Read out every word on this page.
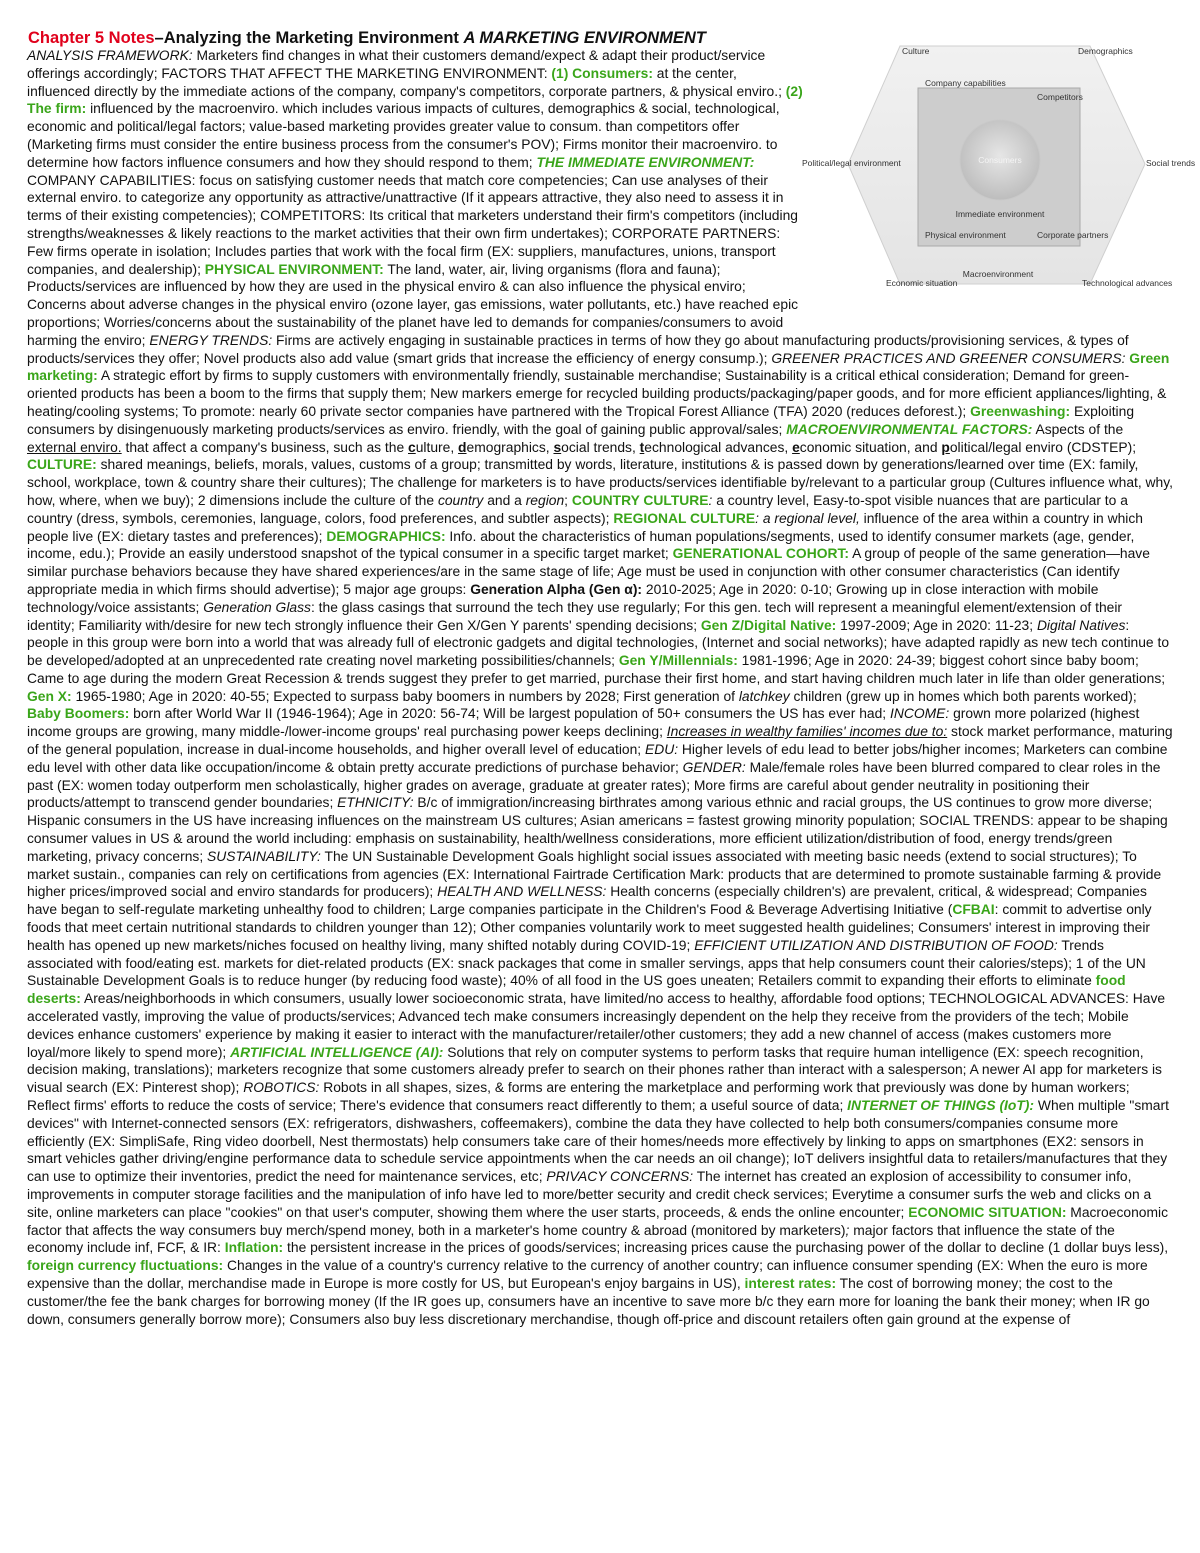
Chapter 5 Notes–Analyzing the Marketing Environment A MARKETING ENVIRONMENT
ANALYSIS FRAMEWORK: Marketers find changes in what their customers demand/expect & adapt their product/service offerings accordingly; FACTORS THAT AFFECT THE MARKETING ENVIRONMENT: (1) Consumers: at the center, influenced directly by the immediate actions of the company, company's competitors, corporate partners, & physical enviro.; (2) The firm: influenced by the macroenviro. which includes various impacts of cultures, demographics & social, technological, economic and political/legal factors; value-based marketing provides greater value to consum. than competitors offer (Marketing firms must consider the entire business process from the consumer's POV); Firms monitor their macroenviro. to determine how factors influence consumers and how they should respond to them; THE IMMEDIATE ENVIRONMENT: COMPANY CAPABILITIES: focus on satisfying customer needs that match core competencies; Can use analyses of their external enviro. to categorize any opportunity as attractive/unattractive (If it appears attractive, they also need to assess it in terms of their existing competencies); COMPETITORS: Its critical that marketers understand their firm's competitors (including strengths/weaknesses & likely reactions to the market activities that their own firm undertakes); CORPORATE PARTNERS: Few firms operate in isolation; Includes parties that work with the focal firm (EX: suppliers, manufactures, unions, transport companies, and dealership); PHYSICAL ENVIRONMENT: The land, water, air, living organisms (flora and fauna); Products/services are influenced by how they are used in the physical enviro & can also influence the physical enviro; Concerns about adverse changes in the physical enviro (ozone layer, gas emissions, water pollutants, etc.) have reached epic proportions; Worries/concerns about the sustainability of the planet have led to demands for companies/consumers to avoid harming the enviro; ENERGY TRENDS: Firms are actively engaging in sustainable practices in terms of how they go about manufacturing products/provisioning services, & types of products/services they offer; Novel products also add value (smart grids that increase the efficiency of energy consump.); GREENER PRACTICES AND GREENER CONSUMERS: Green marketing: A strategic effort by firms to supply customers with environmentally friendly, sustainable merchandise; Sustainability is a critical ethical consideration; Demand for green-oriented products has been a boom to the firms that supply them; New markers emerge for recycled building products/packaging/paper goods, and for more efficient appliances/lighting, & heating/cooling systems; To promote: nearly 60 private sector companies have partnered with the Tropical Forest Alliance (TFA) 2020 (reduces deforest.); Greenwashing: Exploiting consumers by disingenuously marketing products/services as enviro. friendly, with the goal of gaining public approval/sales; MACROENVIRONMENTAL FACTORS: Aspects of the external enviro. that affect a company's business, such as the culture, demographics, social trends, technological advances, economic situation, and political/legal enviro (CDSTEP); CULTURE: shared meanings, beliefs, morals, values, customs of a group; transmitted by words, literature, institutions & is passed down by generations/learned over time (EX: family, school, workplace, town & country share their cultures); The challenge for marketers is to have products/services identifiable by/relevant to a particular group (Cultures influence what, why, how, where, when we buy); 2 dimensions include the culture of the country and a region; COUNTRY CULTURE: a country level, Easy-to-spot visible nuances that are particular to a country (dress, symbols, ceremonies, language, colors, food preferences, and subtler aspects); REGIONAL CULTURE: a regional level, influence of the area within a country in which people live (EX: dietary tastes and preferences); DEMOGRAPHICS: Info. about the characteristics of human populations/segments, used to identify consumer markets (age, gender, income, edu.); Provide an easily understood snapshot of the typical consumer in a specific target market; GENERATIONAL COHORT: A group of people of the same generation—have similar purchase behaviors because they have shared experiences/are in the same stage of life; Age must be used in conjunction with other consumer characteristics (Can identify appropriate media in which firms should advertise); 5 major age groups: Generation Alpha (Gen α): 2010-2025; Age in 2020: 0-10; Growing up in close interaction with mobile technology/voice assistants; Generation Glass: the glass casings that surround the tech they use regularly; For this gen. tech will represent a meaningful element/extension of their identity; Familiarity with/desire for new tech strongly influence their Gen X/Gen Y parents' spending decisions; Gen Z/Digital Native: 1997-2009; Age in 2020: 11-23; Digital Natives: people in this group were born into a world that was already full of electronic gadgets and digital technologies, (Internet and social networks); have adapted rapidly as new tech continue to be developed/adopted at an unprecedented rate creating novel marketing possibilities/channels; Gen Y/Millennials: 1981-1996; Age in 2020: 24-39; biggest cohort since baby boom; Came to age during the modern Great Recession & trends suggest they prefer to get married, purchase their first home, and start having children much later in life than older generations; Gen X: 1965-1980; Age in 2020: 40-55; Expected to surpass baby boomers in numbers by 2028; First generation of latchkey children (grew up in homes which both parents worked); Baby Boomers: born after World War II (1946-1964); Age in 2020: 56-74; Will be largest population of 50+ consumers the US has ever had; INCOME: grown more polarized (highest income groups are growing, many middle-/lower-income groups' real purchasing power keeps declining; Increases in wealthy families' incomes due to: stock market performance, maturing of the general population, increase in dual-income households, and higher overall level of education; EDU: Higher levels of edu lead to better jobs/higher incomes; Marketers can combine edu level with other data like occupation/income & obtain pretty accurate predictions of purchase behavior; GENDER: Male/female roles have been blurred compared to clear roles in the past (EX: women today outperform men scholastically, higher grades on average, graduate at greater rates); More firms are careful about gender neutrality in positioning their products/attempt to transcend gender boundaries; ETHNICITY: B/c of immigration/increasing birthrates among various ethnic and racial groups, the US continues to grow more diverse; Hispanic consumers in the US have increasing influences on the mainstream US cultures; Asian americans = fastest growing minority population; SOCIAL TRENDS: appear to be shaping consumer values in US & around the world including: emphasis on sustainability, health/wellness considerations, more efficient utilization/distribution of food, energy trends/green marketing, privacy concerns; SUSTAINABILITY: The UN Sustainable Development Goals highlight social issues associated with meeting basic needs (extend to social structures); To market sustain., companies can rely on certifications from agencies (EX: International Fairtrade Certification Mark: products that are determined to promote sustainable farming & provide higher prices/improved social and enviro standards for producers); HEALTH AND WELLNESS: Health concerns (especially children's) are prevalent, critical, & widespread; Companies have began to self-regulate marketing unhealthy food to children; Large companies participate in the Children's Food & Beverage Advertising Initiative (CFBAI: commit to advertise only foods that meet certain nutritional standards to children younger than 12); Other companies voluntarily work to meet suggested health guidelines; Consumers' interest in improving their health has opened up new markets/niches focused on healthy living, many shifted notably during COVID-19; EFFICIENT UTILIZATION AND DISTRIBUTION OF FOOD: Trends associated with food/eating est. markets for diet-related products (EX: snack packages that come in smaller servings, apps that help consumers count their calories/steps); 1 of the UN Sustainable Development Goals is to reduce hunger (by reducing food waste); 40% of all food in the US goes uneaten; Retailers commit to expanding their efforts to eliminate food deserts: Areas/neighborhoods in which consumers, usually lower socioeconomic strata, have limited/no access to healthy, affordable food options; TECHNOLOGICAL ADVANCES: Have accelerated vastly, improving the value of products/services; Advanced tech make consumers increasingly dependent on the help they receive from the providers of the tech; Mobile devices enhance customers' experience by making it easier to interact with the manufacturer/retailer/other customers; they add a new channel of access (makes customers more loyal/more likely to spend more); ARTIFICIAL INTELLIGENCE (AI): Solutions that rely on computer systems to perform tasks that require human intelligence (EX: speech recognition, decision making, translations); marketers recognize that some customers already prefer to search on their phones rather than interact with a salesperson; A newer AI app for marketers is visual search (EX: Pinterest shop); ROBOTICS: Robots in all shapes, sizes, & forms are entering the marketplace and performing work that previously was done by human workers; Reflect firms' efforts to reduce the costs of service; There's evidence that consumers react differently to them; a useful source of data; INTERNET OF THINGS (IoT): When multiple "smart devices" with Internet-connected sensors (EX: refrigerators, dishwashers, coffeemakers), combine the data they have collected to help both consumers/companies consume more efficiently (EX: SimpliSafe, Ring video doorbell, Nest thermostats) help consumers take care of their homes/needs more effectively by linking to apps on smartphones (EX2: sensors in smart vehicles gather driving/engine performance data to schedule service appointments when the car needs an oil change); IoT delivers insightful data to retailers/manufactures that they can use to optimize their inventories, predict the need for maintenance services, etc; PRIVACY CONCERNS: The internet has created an explosion of accessibility to consumer info, improvements in computer storage facilities and the manipulation of info have led to more/better security and credit check services; Everytime a consumer surfs the web and clicks on a site, online marketers can place "cookies" on that user's computer, showing them where the user starts, proceeds, & ends the online encounter; ECONOMIC SITUATION: Macroeconomic factor that affects the way consumers buy merch/spend money, both in a marketer's home country & abroad (monitored by marketers); major factors that influence the state of the economy include inf, FCF, & IR: Inflation: the persistent increase in the prices of goods/services; increasing prices cause the purchasing power of the dollar to decline (1 dollar buys less), foreign currency fluctuations: Changes in the value of a country's currency relative to the currency of another country; can influence consumer spending (EX: When the euro is more expensive than the dollar, merchandise made in Europe is more costly for US, but European's enjoy bargains in US), interest rates: The cost of borrowing money; the cost to the customer/the fee the bank charges for borrowing money (If the IR goes up, consumers have an incentive to save more b/c they earn more for loaning the bank their money; when IR go down, consumers generally borrow more); Consumers also buy less discretionary merchandise, though off-price and discount retailers often gain ground at the expense of
Consumers
Immediate environment
Macroenvironment
Culture	Demographics
Political/legal environment	Social trends
Economic situation	Technological advances
Company capabilities
Competitors
Physical environment	Corporate partners
